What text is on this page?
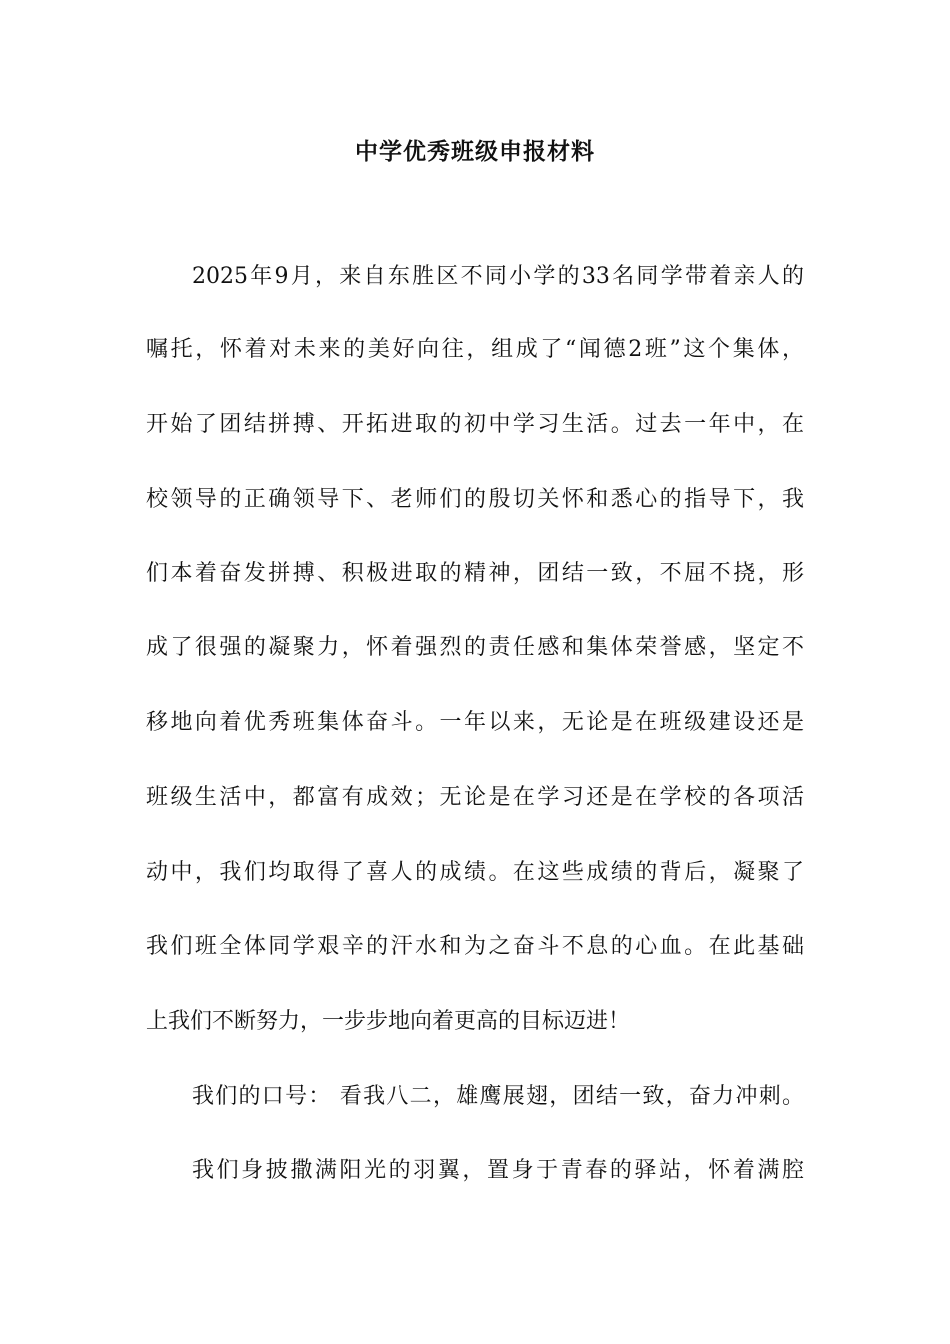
中学优秀班级申报材料
2025年9月，来自东胜区不同小学的33名同学带着亲人的
嘱托，怀着对未来的美好向往，组成了“闻德2班”这个集体，
开始了团结拼搏、开拓进取的初中学习生活。过去一年中，在
校领导的正确领导下、老师们的殷切关怀和悉心的指导下，我
们本着奋发拼搏、积极进取的精神，团结一致，不屈不挠，形
成了很强的凝聚力，怀着强烈的责任感和集体荣誉感，坚定不
移地向着优秀班集体奋斗。一年以来，无论是在班级建设还是
班级生活中，都富有成效；无论是在学习还是在学校的各项活
动中，我们均取得了喜人的成绩。在这些成绩的背后，凝聚了
我们班全体同学艰辛的汗水和为之奋斗不息的心血。在此基础
上我们不断努力，一步步地向着更高的目标迈进！
我们的口号： 看我八二，雄鹰展翅，团结一致，奋力冲刺。
我们身披撒满阳光的羽翼，置身于青春的驿站，怀着满腔
